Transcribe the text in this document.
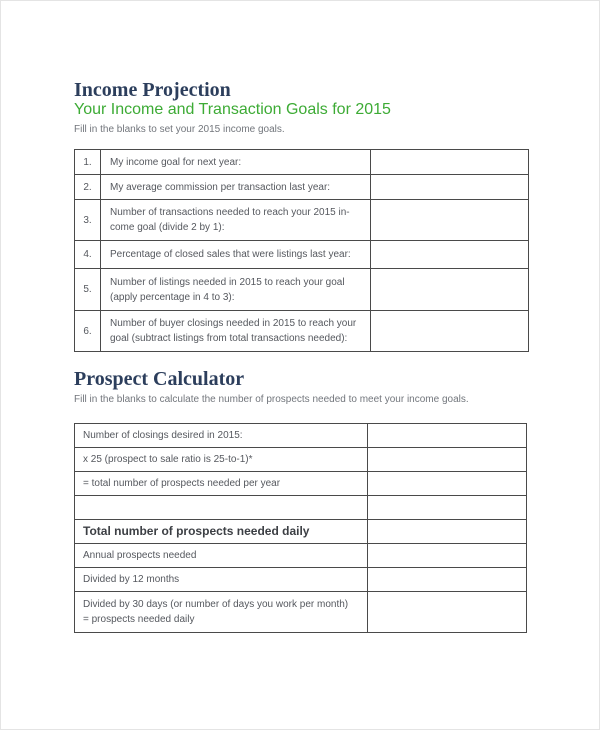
Income Projection
Your Income and Transaction Goals for 2015
Fill in the blanks to set your 2015 income goals.
1.	My income goal for next year:	

2.	My average commission per transaction last year:	

3.	Number of transactions needed to reach your 2015 in-
come goal (divide 2 by 1):	

4.	Percentage of closed sales that were listings last year:	

5.	Number of listings needed in 2015 to reach your goal
(apply percentage in 4 to 3):	

6.	Number of buyer closings needed in 2015 to reach your
goal (subtract listings from total transactions needed):	

Prospect Calculator
Fill in the blanks to calculate the number of prospects needed to meet your income goals.
Number of closings desired in 2015:	

x 25 (prospect to sale ratio is 25-to-1)*	

= total number of prospects needed per year	

Total number of prospects needed daily	

Annual prospects needed	

Divided by 12 months	

Divided by 30 days (or number of days you work per month)
= prospects needed daily	
